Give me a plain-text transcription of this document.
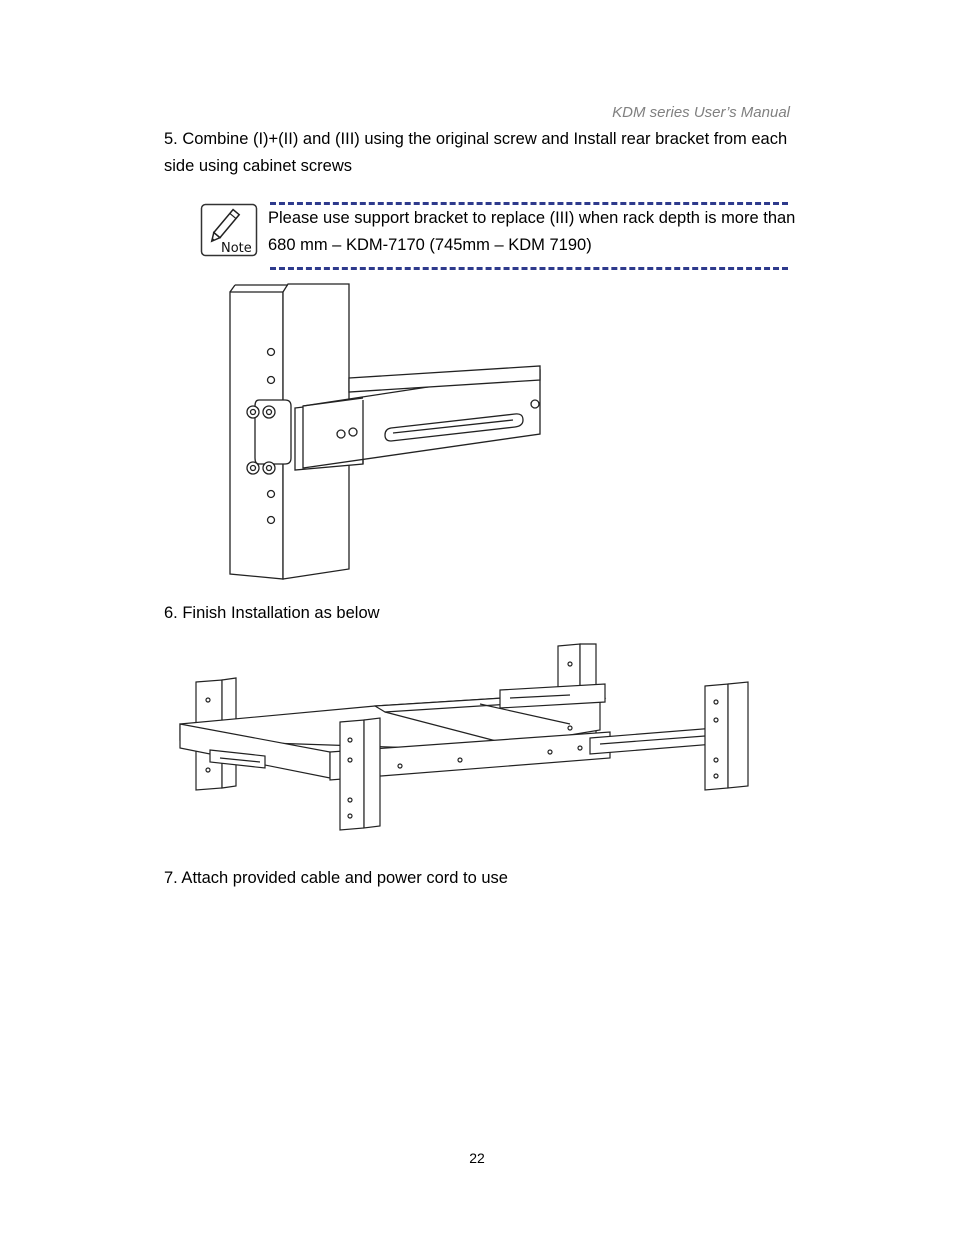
KDM series User’s Manual
5. Combine (I)+(II) and (III) using the original screw and Install rear bracket from each side using cabinet screws
Note
Please use support bracket to replace (III) when rack depth is more than 680 mm – KDM-7170 (745mm – KDM 7190)
6. Finish Installation as below
7. Attach provided cable and power cord to use
22
